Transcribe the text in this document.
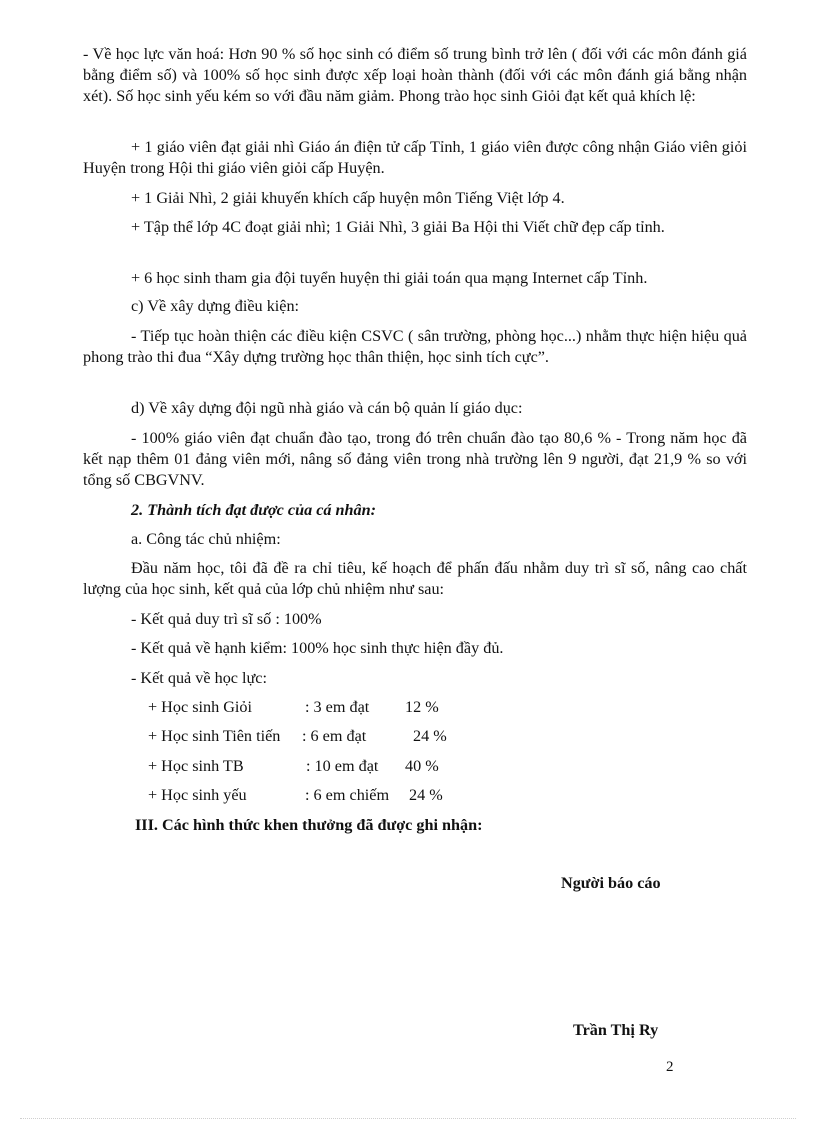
- Về học lực văn hoá: Hơn 90 % số học sinh có điểm số trung bình trở lên ( đối với các môn đánh giá bằng điểm số) và 100% số học sinh được xếp loại hoàn thành (đối với các môn đánh giá bằng nhận xét). Số học sinh yếu kém so với đầu năm giảm. Phong trào học sinh Giỏi đạt kết quả khích lệ:

+ 1 giáo viên đạt giải nhì Giáo án điện tử cấp Tỉnh, 1 giáo viên được công nhận Giáo viên giỏi Huyện trong Hội thi giáo viên giỏi cấp Huyện.

+ 1 Giải Nhì, 2 giải khuyến khích cấp huyện môn Tiếng Việt lớp 4.

+ Tập thể lớp 4C đoạt giải nhì; 1 Giải Nhì, 3 giải Ba Hội thi Viết chữ đẹp cấp tỉnh.

+ 6 học sinh tham gia đội tuyển huyện thi giải toán qua mạng Internet cấp Tỉnh.

c) Về xây dựng điều kiện:

- Tiếp tục hoàn thiện các điều kiện CSVC ( sân trường, phòng học...) nhằm thực hiện hiệu quả phong trào thi đua “Xây dựng trường học thân thiện, học sinh tích cực”.

d) Về xây dựng đội ngũ nhà giáo và cán bộ quản lí giáo dục:

- 100% giáo viên đạt chuẩn đào tạo, trong đó trên chuẩn đào tạo 80,6 % - Trong năm học đã kết nạp thêm 01 đảng viên mới, nâng số đảng viên trong nhà trường lên 9 người, đạt 21,9 % so với tổng số CBGVNV.

2. Thành tích đạt được của cá nhân:

a. Công tác chủ nhiệm:

Đầu năm học, tôi đã đề ra chỉ tiêu, kế hoạch để phấn đấu nhằm duy trì sĩ số, nâng cao chất lượng của học sinh, kết quả của lớp chủ nhiệm như sau:

- Kết quả duy trì sĩ số : 100%
- Kết quả về hạnh kiểm: 100% học sinh thực hiện đầy đủ.
- Kết quả về học lực:
+ Học sinh Giỏi	: 3 em đạt 12 %
+ Học sinh Tiên tiến : 6 em đạt	24 %
+ Học sinh TB	: 10 em đạt 40 %
+ Học sinh yếu	: 6 em chiếm 24 %
III. Các hình thức khen thưởng đã được ghi nhận:
Người báo cáo
Trần Thị Ry
2
